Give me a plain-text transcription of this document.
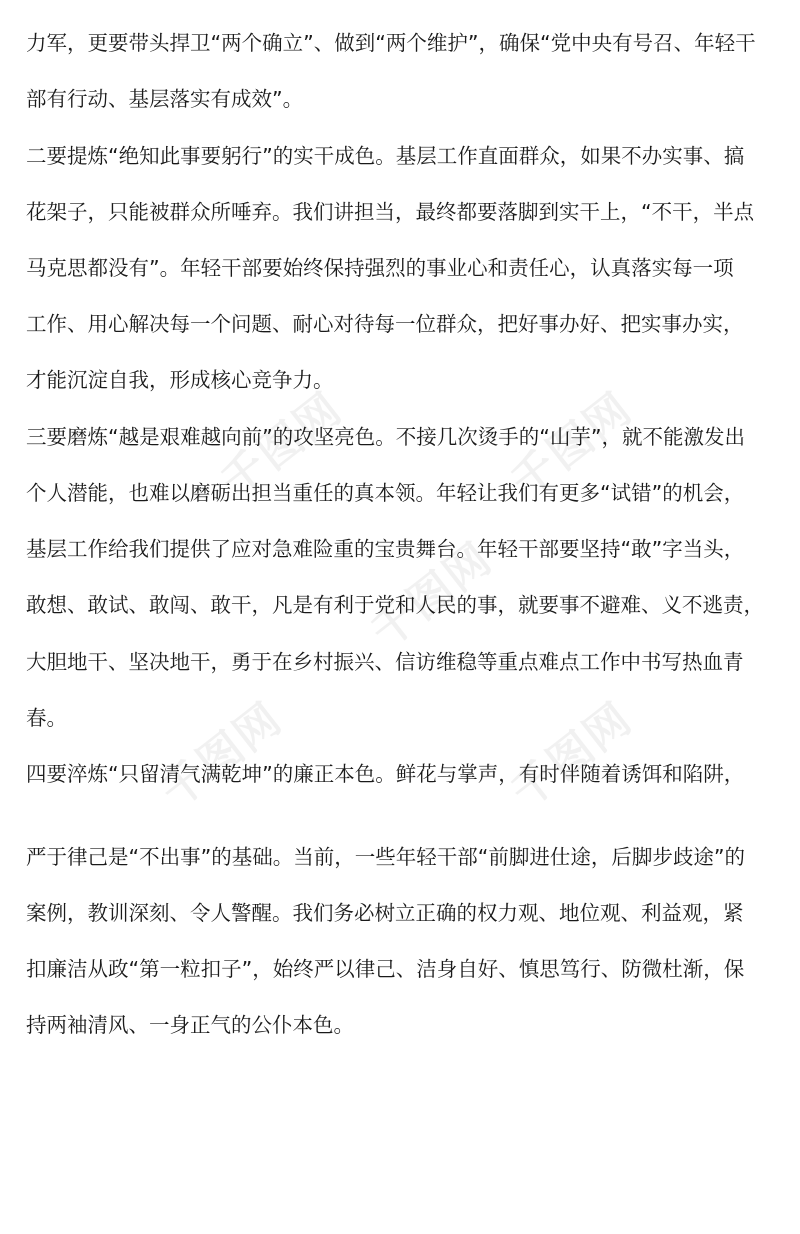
千图网
千图网
千图网
千图网
千图网
力军，更要带头捍卫“两个确立”、做到“两个维护”，确保“党中央有号召、年轻干
部有行动、基层落实有成效”。
二要提炼“绝知此事要躬行”的实干成色。基层工作直面群众，如果不办实事、搞
花架子，只能被群众所唾弃。我们讲担当，最终都要落脚到实干上，“不干，半点
马克思都没有”。年轻干部要始终保持强烈的事业心和责任心，认真落实每一项
工作、用心解决每一个问题、耐心对待每一位群众，把好事办好、把实事办实，
才能沉淀自我，形成核心竞争力。
三要磨炼“越是艰难越向前”的攻坚亮色。不接几次烫手的“山芋”，就不能激发出
个人潜能，也难以磨砺出担当重任的真本领。年轻让我们有更多“试错”的机会，
基层工作给我们提供了应对急难险重的宝贵舞台。年轻干部要坚持“敢”字当头，
敢想、敢试、敢闯、敢干，凡是有利于党和人民的事，就要事不避难、义不逃责，
大胆地干、坚决地干，勇于在乡村振兴、信访维稳等重点难点工作中书写热血青
春。
四要淬炼“只留清气满乾坤”的廉正本色。鲜花与掌声，有时伴随着诱饵和陷阱，
严于律己是“不出事”的基础。当前，一些年轻干部“前脚进仕途，后脚步歧途”的
案例，教训深刻、令人警醒。我们务必树立正确的权力观、地位观、利益观，紧
扣廉洁从政“第一粒扣子”，始终严以律己、洁身自好、慎思笃行、防微杜渐，保
持两袖清风、一身正气的公仆本色。
